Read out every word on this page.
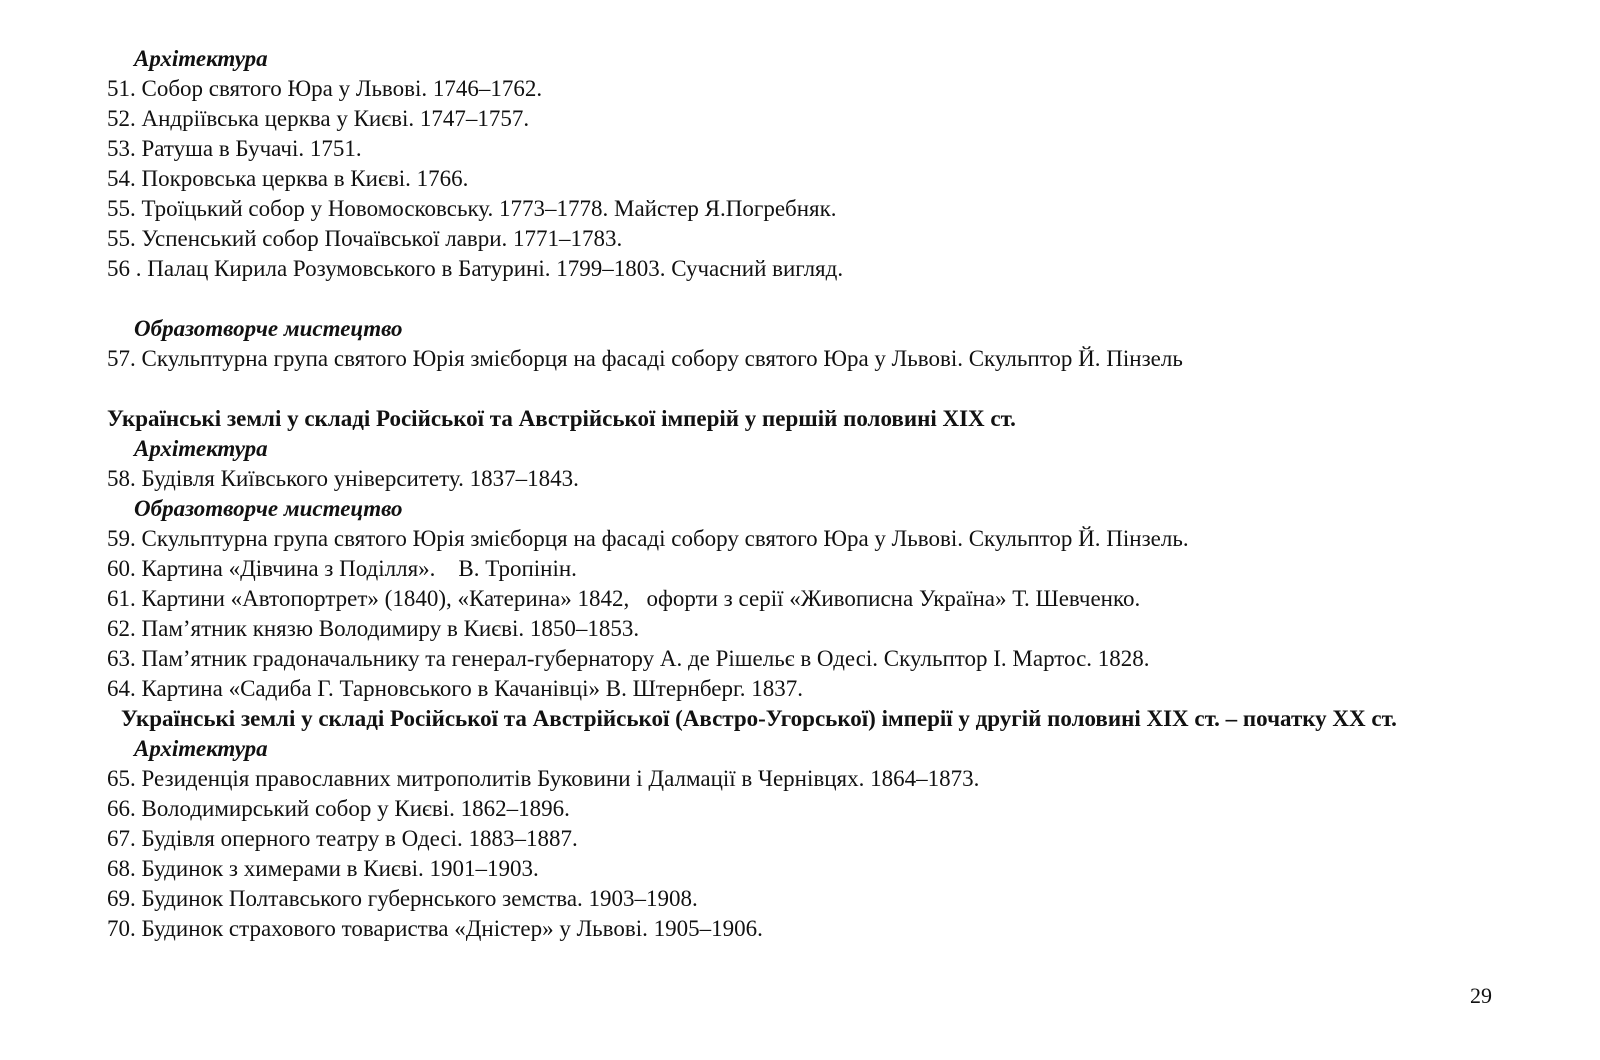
Архітектура
51. Собор святого Юра у Львові. 1746–1762.
52. Андріївська церква у Києві. 1747–1757.
53. Ратуша в Бучачі. 1751.
54. Покровська церква в Києві. 1766.
55. Троїцький собор у Новомосковську. 1773–1778. Майстер Я.Погребняк.
55. Успенський собор Почаївської лаври. 1771–1783.
56 . Палац Кирила Розумовського в Батурині. 1799–1803. Сучасний вигляд.
Образотворче мистецтво
57. Скульптурна група святого Юрія змієборця на фасаді собору святого Юра у Львові. Скульптор Й. Пінзель
Українські землі у складі Російської та Австрійської імперій у першій половині XIX ст.
Архітектура
58. Будівля Київського університету. 1837–1843.
Образотворче мистецтво
59. Скульптурна група святого Юрія змієборця на фасаді собору святого Юра у Львові. Скульптор Й. Пінзель.
60. Картина «Дівчина з Поділля».    В. Тропінін.
61. Картини «Автопортрет» (1840), «Катерина» 1842,   офорти з серії «Живописна Україна» Т. Шевченко.
62. Пам’ятник князю Володимиру в Києві. 1850–1853.
63. Пам’ятник градоначальнику та генерал-губернатору А. де Рішельє в Одесі. Скульптор І. Мартос. 1828.
64. Картина «Садиба Г. Тарновського в Качанівці» В. Штернберг. 1837.
Українські землі у складі Російської та Австрійської (Австро-Угорської) імперії у другій половині XIX ст. – початку XX ст.
Архітектура
65. Резиденція православних митрополитів Буковини і Далмації в Чернівцях. 1864–1873.
66. Володимирський собор у Києві. 1862–1896.
67. Будівля оперного театру в Одесі. 1883–1887.
68. Будинок з химерами в Києві. 1901–1903.
69. Будинок Полтавського губернського земства. 1903–1908.
70. Будинок страхового товариства «Дністер» у Львові. 1905–1906.
29
